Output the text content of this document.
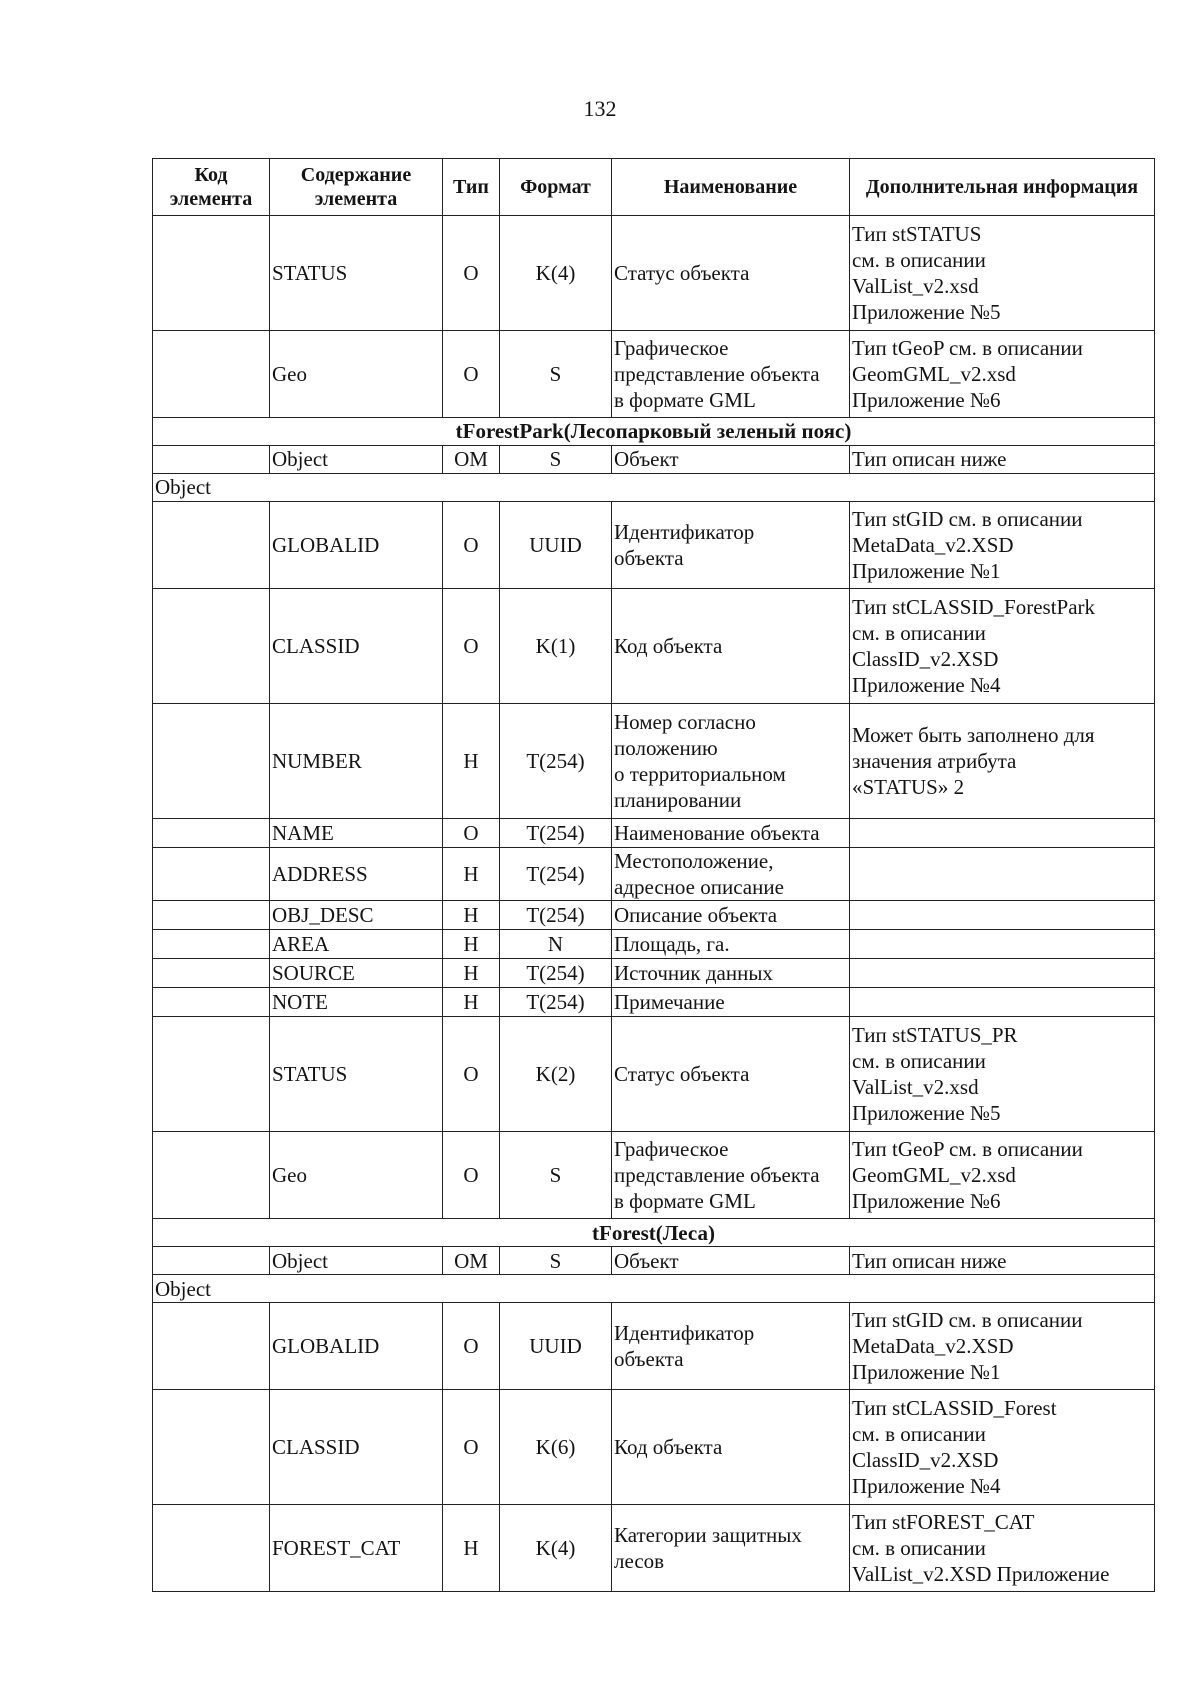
132
Код элемента	Содержание элемента	Тип	Формат	Наименование	Дополнительная информация
	STATUS	O	K(4)	Статус объекта	Тип stSTATUS
см. в описании
ValList_v2.xsd
Приложение №5
	Geo	O	S	Графическое
представление объекта
в формате GML	Тип tGeoP см. в описании
GeomGML_v2.xsd
Приложение №6
tForestPark(Лесопарковый зеленый пояс)					
	Object	OM	S	Объект	Тип описан ниже
Object					
	GLOBALID	O	UUID	Идентификатор
объекта	Тип stGID см. в описании
MetaData_v2.XSD
Приложение №1
	CLASSID	O	K(1)	Код объекта	Тип stCLASSID_ForestPark
см. в описании
ClassID_v2.XSD
Приложение №4
	NUMBER	H	T(254)	Номер согласно
положению
о территориальном
планировании	Может быть заполнено для
значения атрибута
«STATUS» 2
	NAME	O	T(254)	Наименование объекта	
	ADDRESS	H	T(254)	Местоположение,
адресное описание	
	OBJ_DESC	H	T(254)	Описание объекта	
	AREA	H	N	Площадь, га.	
	SOURCE	H	T(254)	Источник данных	
	NOTE	H	T(254)	Примечание	
	STATUS	O	K(2)	Статус объекта	Тип stSTATUS_PR
см. в описании
ValList_v2.xsd
Приложение №5
	Geo	O	S	Графическое
представление объекта
в формате GML	Тип tGeoP см. в описании
GeomGML_v2.xsd
Приложение №6
tForest(Леса)					
	Object	OM	S	Объект	Тип описан ниже
Object					
	GLOBALID	O	UUID	Идентификатор
объекта	Тип stGID см. в описании
MetaData_v2.XSD
Приложение №1
	CLASSID	O	K(6)	Код объекта	Тип stCLASSID_Forest
см. в описании
ClassID_v2.XSD
Приложение №4
	FOREST_CAT	H	K(4)	Категории защитных
лесов	Тип stFOREST_CAT
см. в описании
ValList_v2.XSD Приложение
